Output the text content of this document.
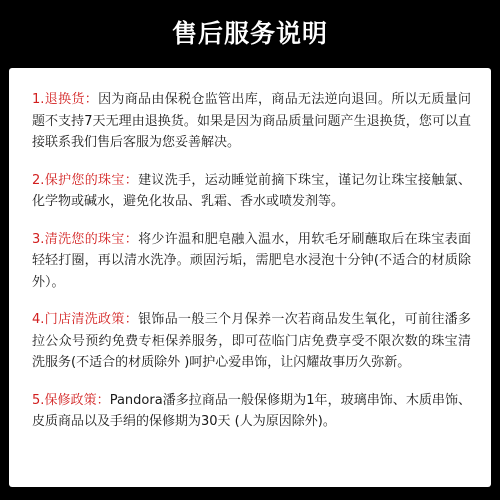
售后服务说明
1.退换货：因为商品由保税仓监管出库，商品无法逆向退回。所以无质量问题不支持7天无理由退换货。如果是因为商品质量问题产生退换货，您可以直接联系我们售后客服为您妥善解决。
2.保护您的珠宝：建议洗手，运动睡觉前摘下珠宝，谨记勿让珠宝接触氯、化学物或碱水，避免化妆品、乳霜、香水或喷发剂等。
3.清洗您的珠宝：将少许温和肥皂融入温水，用软毛牙刷蘸取后在珠宝表面轻轻打圈，再以清水洗净。顽固污垢，需肥皂水浸泡十分钟(不适合的材质除外）。
4.门店清洗政策：银饰品一般三个月保养一次若商品发生氧化，可前往潘多拉公众号预约免费专柜保养服务，即可莅临门店免费享受不限次数的珠宝清洗服务(不适合的材质除外 )呵护心爱串饰，让闪耀故事历久弥新。
5.保修政策：Pandora潘多拉商品一般保修期为1年，玻璃串饰、木质串饰、皮质商品以及手绢的保修期为30天 (人为原因除外)。
